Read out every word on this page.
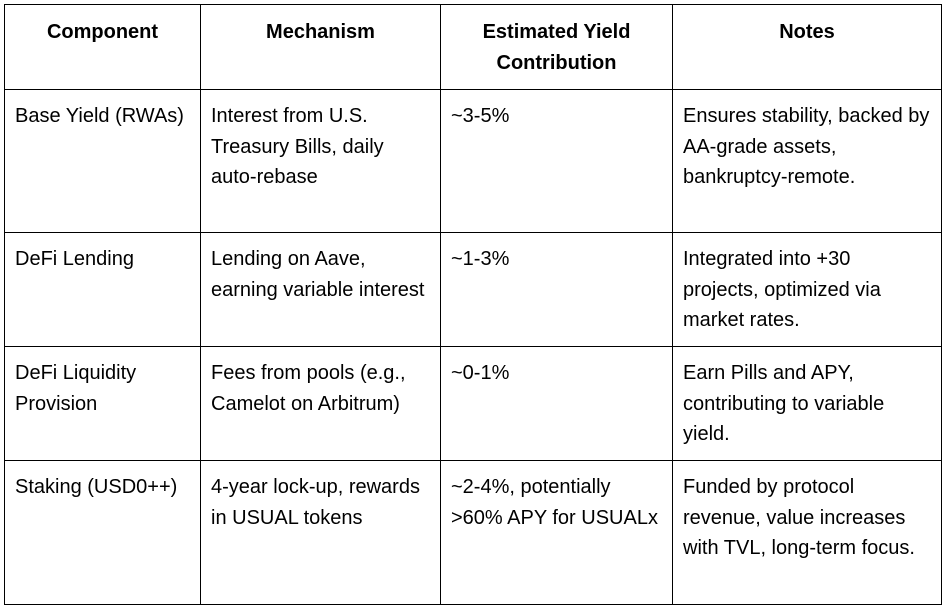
Component	Mechanism	Estimated Yield Contribution	Notes

Base Yield (RWAs)	Interest from U.S. Treasury Bills, daily auto-rebase	~3-5%	Ensures stability, backed by AA-grade assets, bankruptcy-remote.

DeFi Lending	Lending on Aave, earning variable interest	~1-3%	Integrated into +30 projects, optimized via market rates.

DeFi Liquidity Provision	Fees from pools (e.g., Camelot on Arbitrum)	~0-1%	Earn Pills and APY, contributing to variable yield.

Staking (USD0++)	4-year lock-up, rewards in USUAL tokens	~2-4%, potentially >60% APY for USUALx	Funded by protocol revenue, value increases with TVL, long-term focus.
